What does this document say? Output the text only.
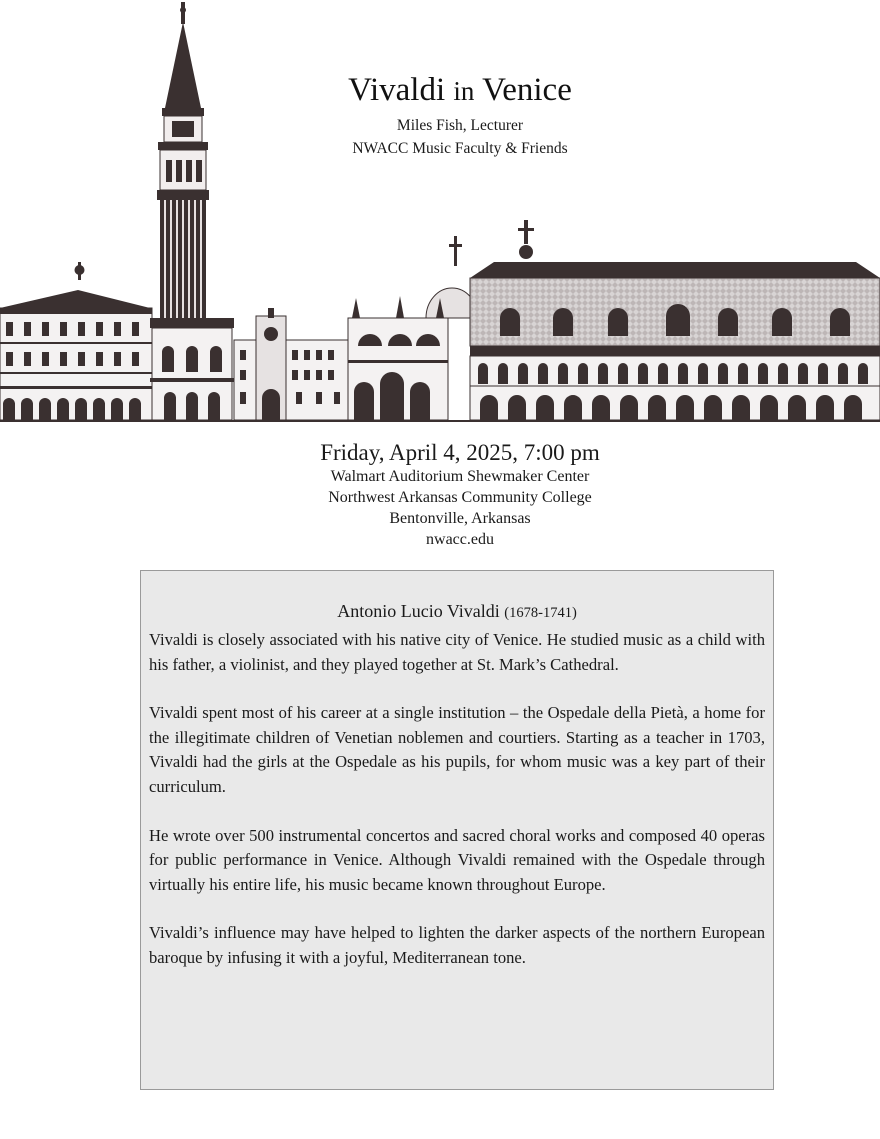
Vivaldi in Venice
Miles Fish, Lecturer
NWACC Music Faculty & Friends
Friday, April 4, 2025, 7:00 pm
Walmart Auditorium Shewmaker Center
Northwest Arkansas Community College
Bentonville, Arkansas
nwacc.edu
Antonio Lucio Vivaldi (1678-1741)

Vivaldi is closely associated with his native city of Venice. He studied music as a child with his father, a violinist, and they played together at St. Mark’s Cathedral.

Vivaldi spent most of his career at a single institution – the Ospedale della Pietà, a home for the illegitimate children of Venetian noblemen and courtiers. Starting as a teacher in 1703, Vivaldi had the girls at the Ospedale as his pupils, for whom music was a key part of their curriculum.

He wrote over 500 instrumental concertos and sacred choral works and composed 40 operas for public performance in Venice. Although Vivaldi remained with the Ospedale through virtually his entire life, his music became known throughout Europe.

Vivaldi’s influence may have helped to lighten the darker aspects of the northern European baroque by infusing it with a joyful, Mediterranean tone.
